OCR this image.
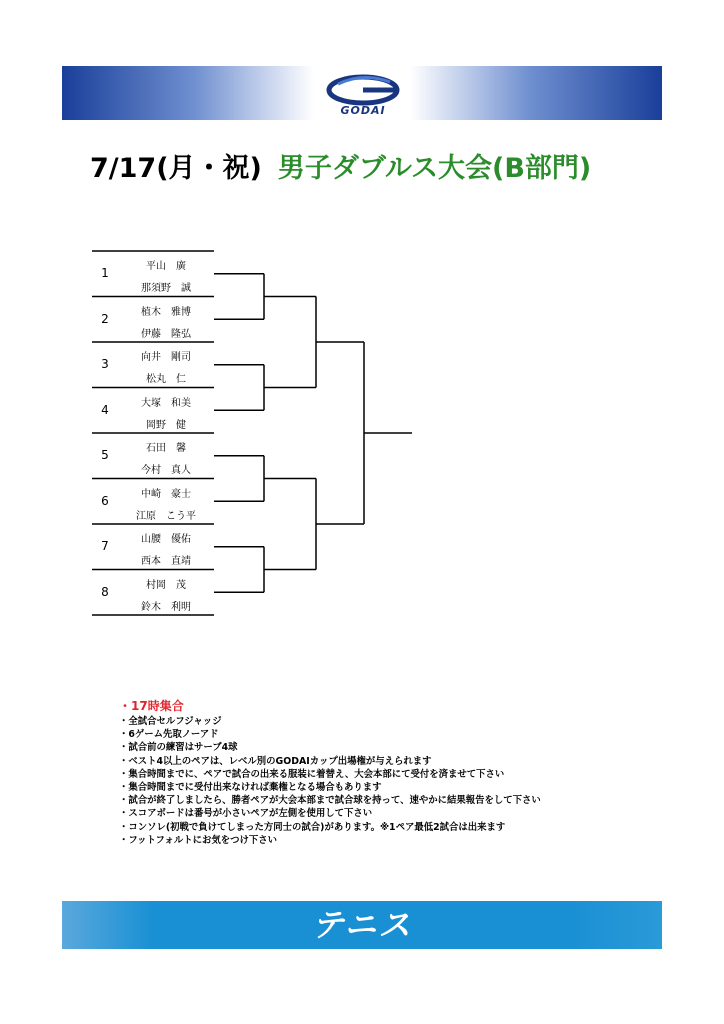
GODAI
7/17(月・祝) 男子ダブルス大会(B部門)
1	平山　廣
那須野　誠
2	植木　雅博
伊藤　隆弘
3	向井　剛司
松丸　仁
4	大塚　和美
岡野　健
5	石田　馨
今村　真人
6	中崎　豪士
江原　こう平
7	山腰　優佑
西本　直靖
8	村岡　茂
鈴木　利明
・17時集合
・全試合セルフジャッジ
・6ゲーム先取ノーアド
・試合前の練習はサーブ4球
・ベスト4以上のペアは、レベル別のGODAIカップ出場権が与えられます
・集合時間までに、ペアで試合の出来る服装に着替え、大会本部にて受付を済ませて下さい
・集合時間までに受付出来なければ棄権となる場合もあります
・試合が終了しましたら、勝者ペアが大会本部まで試合球を持って、速やかに結果報告をして下さい
・スコアボードは番号が小さいペアが左側を使用して下さい
・コンソレ(初戦で負けてしまった方同士の試合)があります。※1ペア最低2試合は出来ます
・フットフォルトにお気をつけ下さい
テニス
